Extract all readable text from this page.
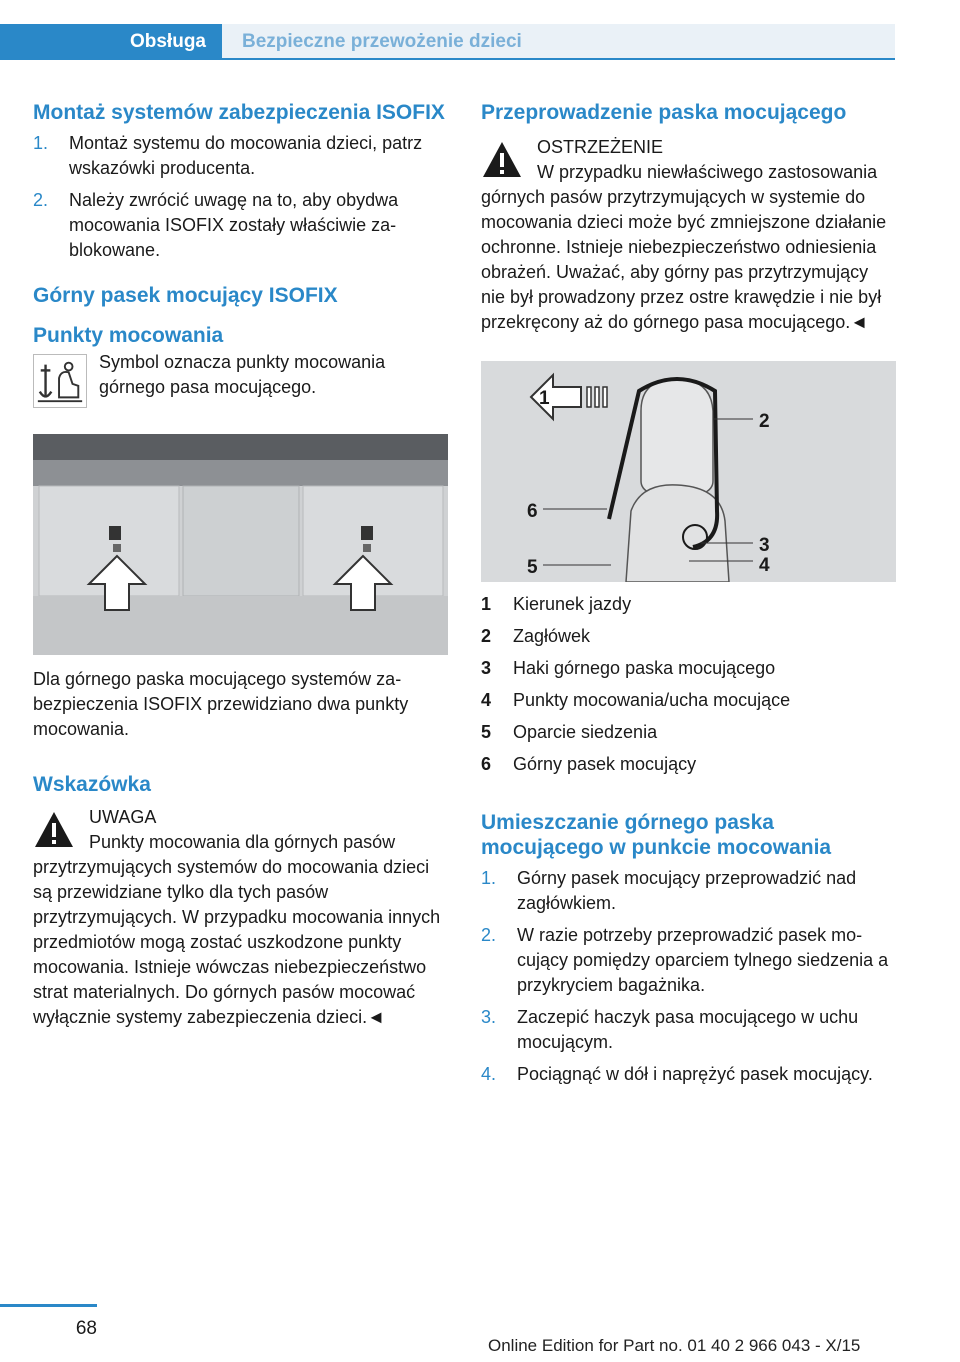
Obsługa	Bezpieczne przewożenie dzieci
Montaż systemów zabezpieczenia ISOFIX
1. Montaż systemu do mocowania dzieci, patrz wskazówki producenta.
2. Należy zwrócić uwagę na to, aby obydwa mocowania ISOFIX zostały właściwie zablokowane.
Górny pasek mocujący ISOFIX
Punkty mocowania

Symbol oznacza punkty mocowania górnego pasa mocującego.

Dla górnego paska mocującego systemów zabezpieczenia ISOFIX przewidziano dwa punkty mocowania.

Wskazówka

UWAGA

Punkty mocowania dla górnych pasów przytrzymujących systemów do mocowania dzieci są przewidziane tylko dla tych pasów przytrzymujących. W przypadku mocowania innych przedmiotów mogą zostać uszkodzone punkty mocowania. Istnieje wówczas niebezpieczeństwo strat materialnych. Do górnych pasów mocować wyłącznie systemy zabezpieczenia dzieci.◄

Przeprowadzenie paska mocującego

OSTRZEŻENIE

W przypadku niewłaściwego zastosowania górnych pasów przytrzymujących w systemie do mocowania dzieci może być zmniejszone działanie ochronne. Istnieje niebezpieczeństwo odniesienia obrażeń. Uważać, aby górny pas przytrzymujący nie był prowadzony przez ostre krawędzie i nie był przekręcony aż do górnego pasa mocującego.◄

1
2
3
4
5
6
1	Kierunek jazdy
2	Zagłówek
3	Haki górnego paska mocującego
4	Punkty mocowania/ucha mocujące
5	Oparcie siedzenia
6	Górny pasek mocujący
Umieszczanie górnego paska mocującego w punkcie mocowania
1. Górny pasek mocujący przeprowadzić nad zagłówkiem.
2. W razie potrzeby przeprowadzić pasek mocujący pomiędzy oparciem tylnego siedzenia a przykryciem bagażnika.
3. Zaczepić haczyk pasa mocującego w uchu mocującym.
4. Pociągnąć w dół i naprężyć pasek mocujący.
68
Online Edition for Part no. 01 40 2 966 043 - X/15
